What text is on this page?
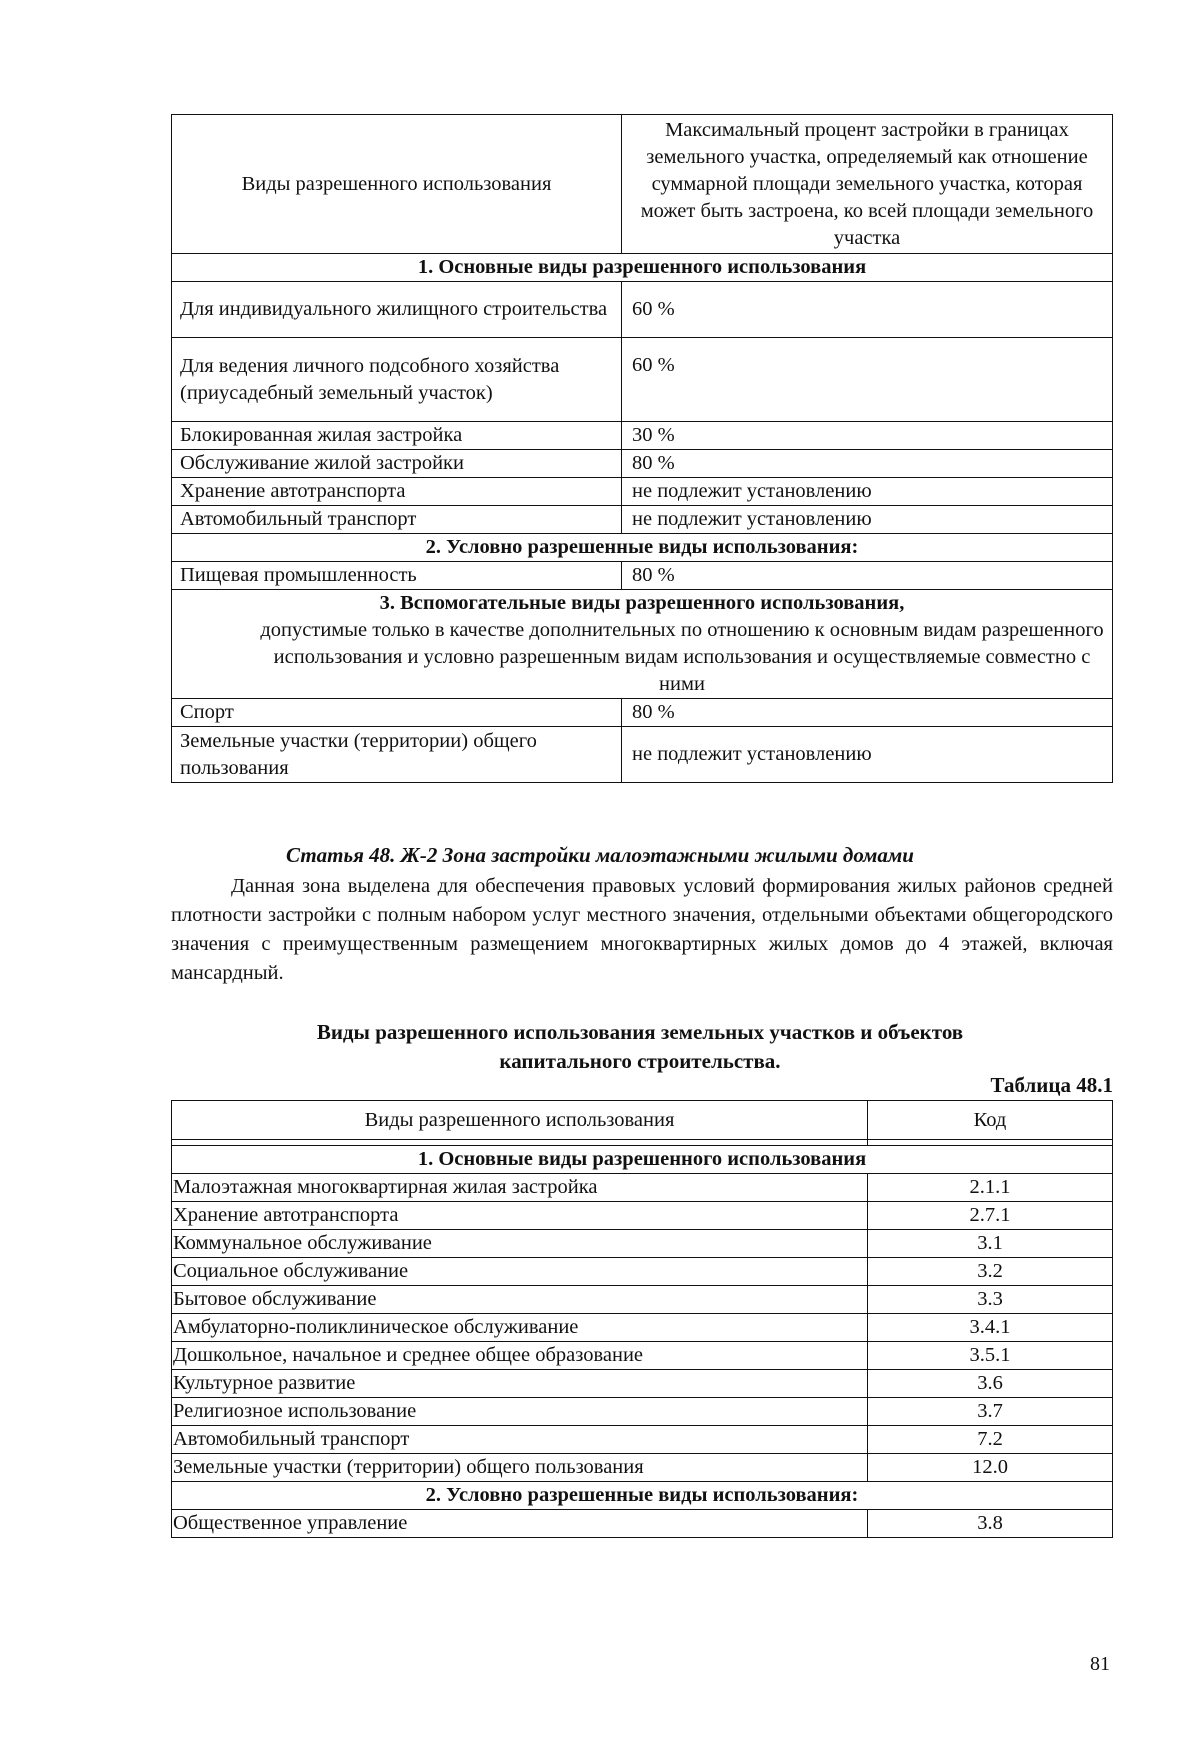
Виды разрешенного использования	Максимальный процент застройки в границах земельного участка, определяемый как отношение суммарной площади земельного участка, которая может быть застроена, ко всей площади земельного участка
1. Основные виды разрешенного использования	
Для индивидуального жилищного строительства	60 %
Для ведения личного подсобного хозяйства (приусадебный земельный участок)	60 %
Блокированная жилая застройка	30 %
Обслуживание жилой застройки	80 %
Хранение автотранспорта	не подлежит установлению
Автомобильный транспорт	не подлежит установлению
2. Условно разрешенные виды использования:	
Пищевая промышленность	80 %

3. Вспомогательные виды разрешенного использования,
допустимые только в качестве дополнительных по отношению к основным видам разрешенного использования и условно разрешенным видам использования и осуществляемые совместно с ними	

Спорт	80 %
Земельные участки (территории) общего пользования	не подлежит установлению
Статья 48. Ж-2 Зона застройки малоэтажными жилыми домами
Данная зона выделена для обеспечения правовых условий формирования жилых районов средней плотности застройки с полным набором услуг местного значения, отдельными объектами общегородского значения с преимущественным размещением многоквартирных жилых домов до 4 этажей, включая мансардный.
Виды разрешенного использования земельных участков и объектов капитального строительства.
Таблица 48.1
Виды разрешенного использования	Код

1. Основные виды разрешенного использования	
Малоэтажная многоквартирная жилая застройка	2.1.1
Хранение автотранспорта	2.7.1
Коммунальное обслуживание	3.1
Социальное обслуживание	3.2
Бытовое обслуживание	3.3
Амбулаторно-поликлиническое обслуживание	3.4.1
Дошкольное, начальное и среднее общее образование	3.5.1
Культурное развитие	3.6
Религиозное использование	3.7
Автомобильный транспорт	7.2
Земельные участки (территории) общего пользования	12.0
2. Условно разрешенные виды использования:	
Общественное управление	3.8
81
